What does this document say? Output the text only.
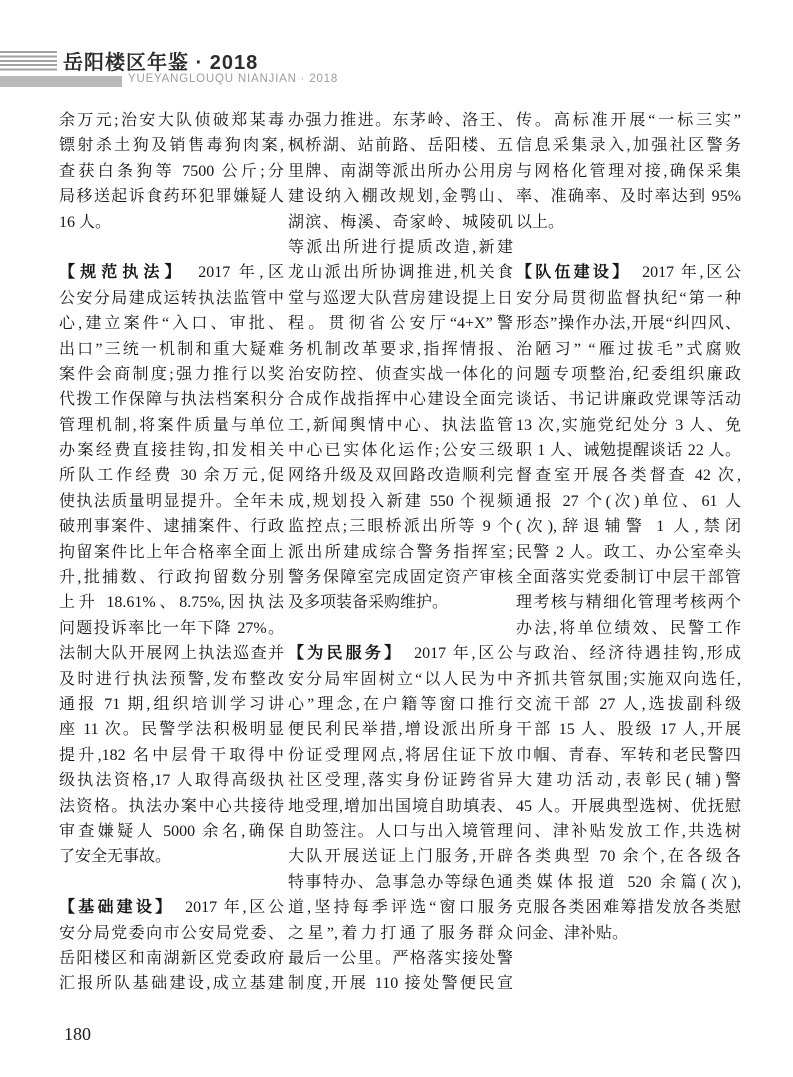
岳阳楼区年鉴 · 2018
YUEYANGLOUQU NIANJIAN · 2018
余万元;治安大队侦破郑某毒
镖射杀土狗及销售毒狗肉案,
查获白条狗等 7500 公斤;分
局移送起诉食药环犯罪嫌疑人
16 人。
【规范执法】　2017 年,区
公安分局建成运转执法监管中
心,建立案件“入口、审批、
出口”三统一机制和重大疑难
案件会商制度;强力推行以奖
代拨工作保障与执法档案积分
管理机制,将案件质量与单位
办案经费直接挂钩,扣发相关
所队工作经费 30 余万元,促
使执法质量明显提升。全年未
破刑事案件、逮捕案件、行政
拘留案件比上年合格率全面上
升,批捕数、行政拘留数分别
上升 18.61%、8.75%,因执法
问题投诉率比一年下降 27%。
法制大队开展网上执法巡查并
及时进行执法预警,发布整改
通报 71 期,组织培训学习讲
座 11 次。民警学法积极明显
提升,182 名中层骨干取得中
级执法资格,17 人取得高级执
法资格。执法办案中心共接待
审查嫌疑人 5000 余名,确保
了安全无事故。
【基础建设】　2017 年,区公
安分局党委向市公安局党委、
岳阳楼区和南湖新区党委政府
汇报所队基础建设,成立基建
办强力推进。东茅岭、洛王、
枫桥湖、站前路、岳阳楼、五
里牌、南湖等派出所办公用房
建设纳入棚改规划,金鹗山、
湖滨、梅溪、奇家岭、城陵矶
等派出所进行提质改造,新建
龙山派出所协调推进,机关食
堂与巡逻大队营房建设提上日
程。贯彻省公安厅“4+X”警
务机制改革要求,指挥情报、
治安防控、侦查实战一体化的
合成作战指挥中心建设全面完
工,新闻舆情中心、执法监管
中心已实体化运作;公安三级
网络升级及双回路改造顺利完
成,规划投入新建 550 个视频
监控点;三眼桥派出所等 9 个
派出所建成综合警务指挥室;
警务保障室完成固定资产审核
及多项装备采购维护。
【为民服务】　2017 年,区公
安分局牢固树立“以人民为中
心”理念,在户籍等窗口推行
便民利民举措,增设派出所身
份证受理网点,将居住证下放
社区受理,落实身份证跨省异
地受理,增加出国境自助填表、
自助签注。人口与出入境管理
大队开展送证上门服务,开辟
特事特办、急事急办等绿色通
道,坚持每季评选“窗口服务
之星”,着力打通了服务群众
最后一公里。严格落实接处警
制度,开展 110 接处警便民宣
传。高标准开展“一标三实”
信息采集录入,加强社区警务
与网格化管理对接,确保采集
率、准确率、及时率达到 95%
以上。
【队伍建设】　2017 年,区公
安分局贯彻监督执纪“第一种
形态”操作办法,开展“纠四风、
治陋习” “雁过拔毛”式腐败
问题专项整治,纪委组织廉政
谈话、书记讲廉政党课等活动
13 次,实施党纪处分 3 人、免
职 1 人、诫勉提醒谈话 22 人。
督查室开展各类督查 42 次,
通报 27 个(次)单位、61 人
(次),辞退辅警 1 人,禁闭
民警 2 人。政工、办公室牵头
全面落实党委制订中层干部管
理考核与精细化管理考核两个
办法,将单位绩效、民警工作
与政治、经济待遇挂钩,形成
齐抓共管氛围;实施双向选任,
交流干部 27 人,选拔副科级
干部 15 人、股级 17 人,开展
巾帼、青春、军转和老民警四
大建功活动,表彰民(辅)警
45 人。开展典型选树、优抚慰
问、津补贴发放工作,共选树
各类典型 70 余个,在各级各
类媒体报道 520 余篇(次),
克服各类困难筹措发放各类慰
问金、津补贴。
180
